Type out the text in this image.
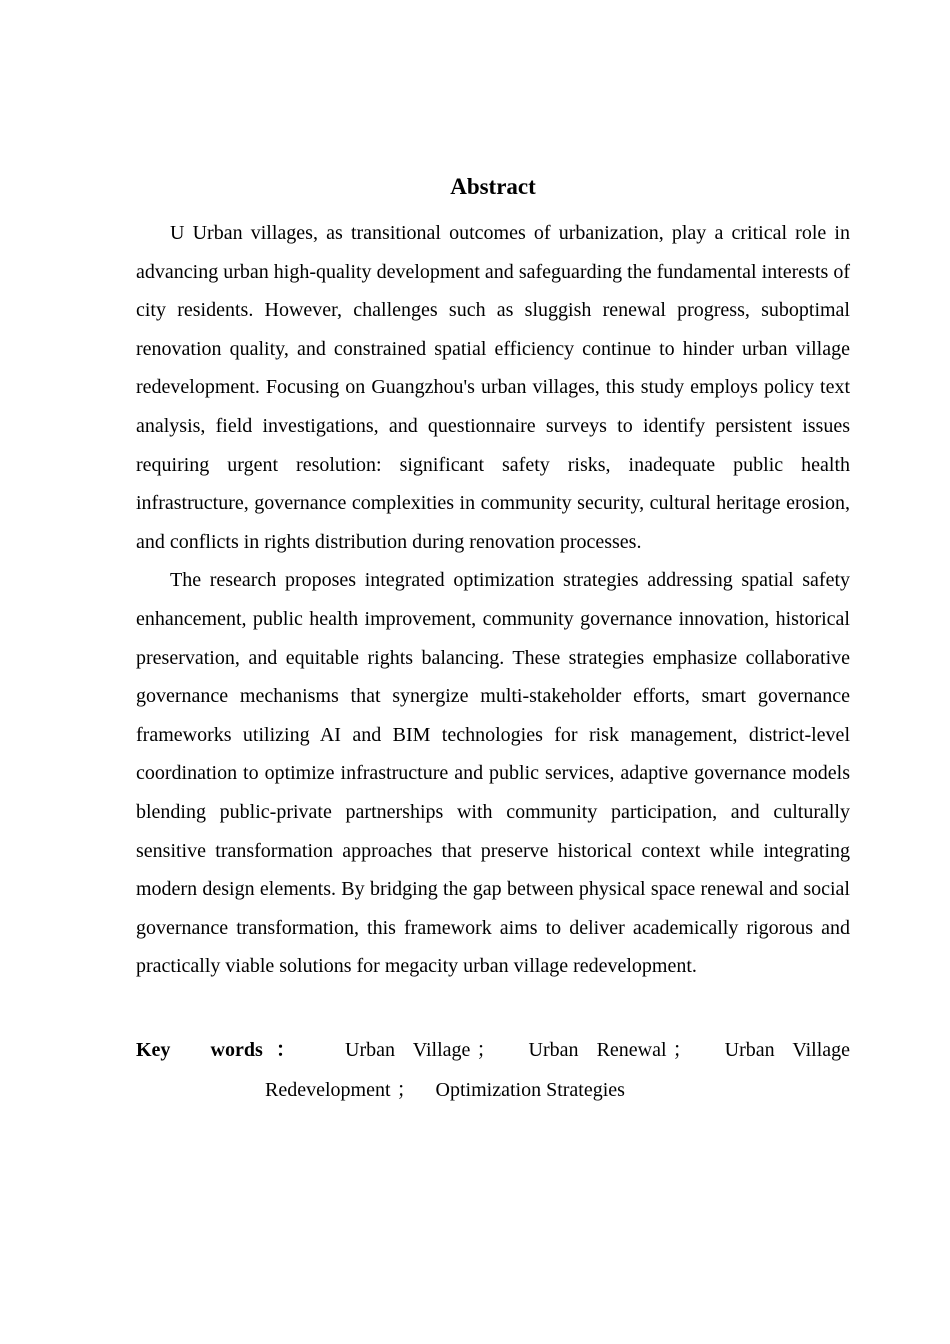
Abstract

U Urban villages, as transitional outcomes of urbanization, play a critical role in advancing urban high-quality development and safeguarding the fundamental interests of city residents. However, challenges such as sluggish renewal progress, suboptimal renovation quality, and constrained spatial efficiency continue to hinder urban village redevelopment. Focusing on Guangzhou's urban villages, this study employs policy text analysis, field investigations, and questionnaire surveys to identify persistent issues requiring urgent resolution: significant safety risks, inadequate public health infrastructure, governance complexities in community security, cultural heritage erosion, and conflicts in rights distribution during renovation processes.

The research proposes integrated optimization strategies addressing spatial safety enhancement, public health improvement, community governance innovation, historical preservation, and equitable rights balancing. These strategies emphasize collaborative governance mechanisms that synergize multi-stakeholder efforts, smart governance frameworks utilizing AI and BIM technologies for risk management, district-level coordination to optimize infrastructure and public services, adaptive governance models blending public-private partnerships with community participation, and culturally sensitive transformation approaches that preserve historical context while integrating modern design elements. By bridging the gap between physical space renewal and social governance transformation, this framework aims to deliver academically rigorous and practically viable solutions for megacity urban village redevelopment.

Key words： Urban Village ； Urban Renewal ； Urban Village Redevelopment ； Optimization Strategies
